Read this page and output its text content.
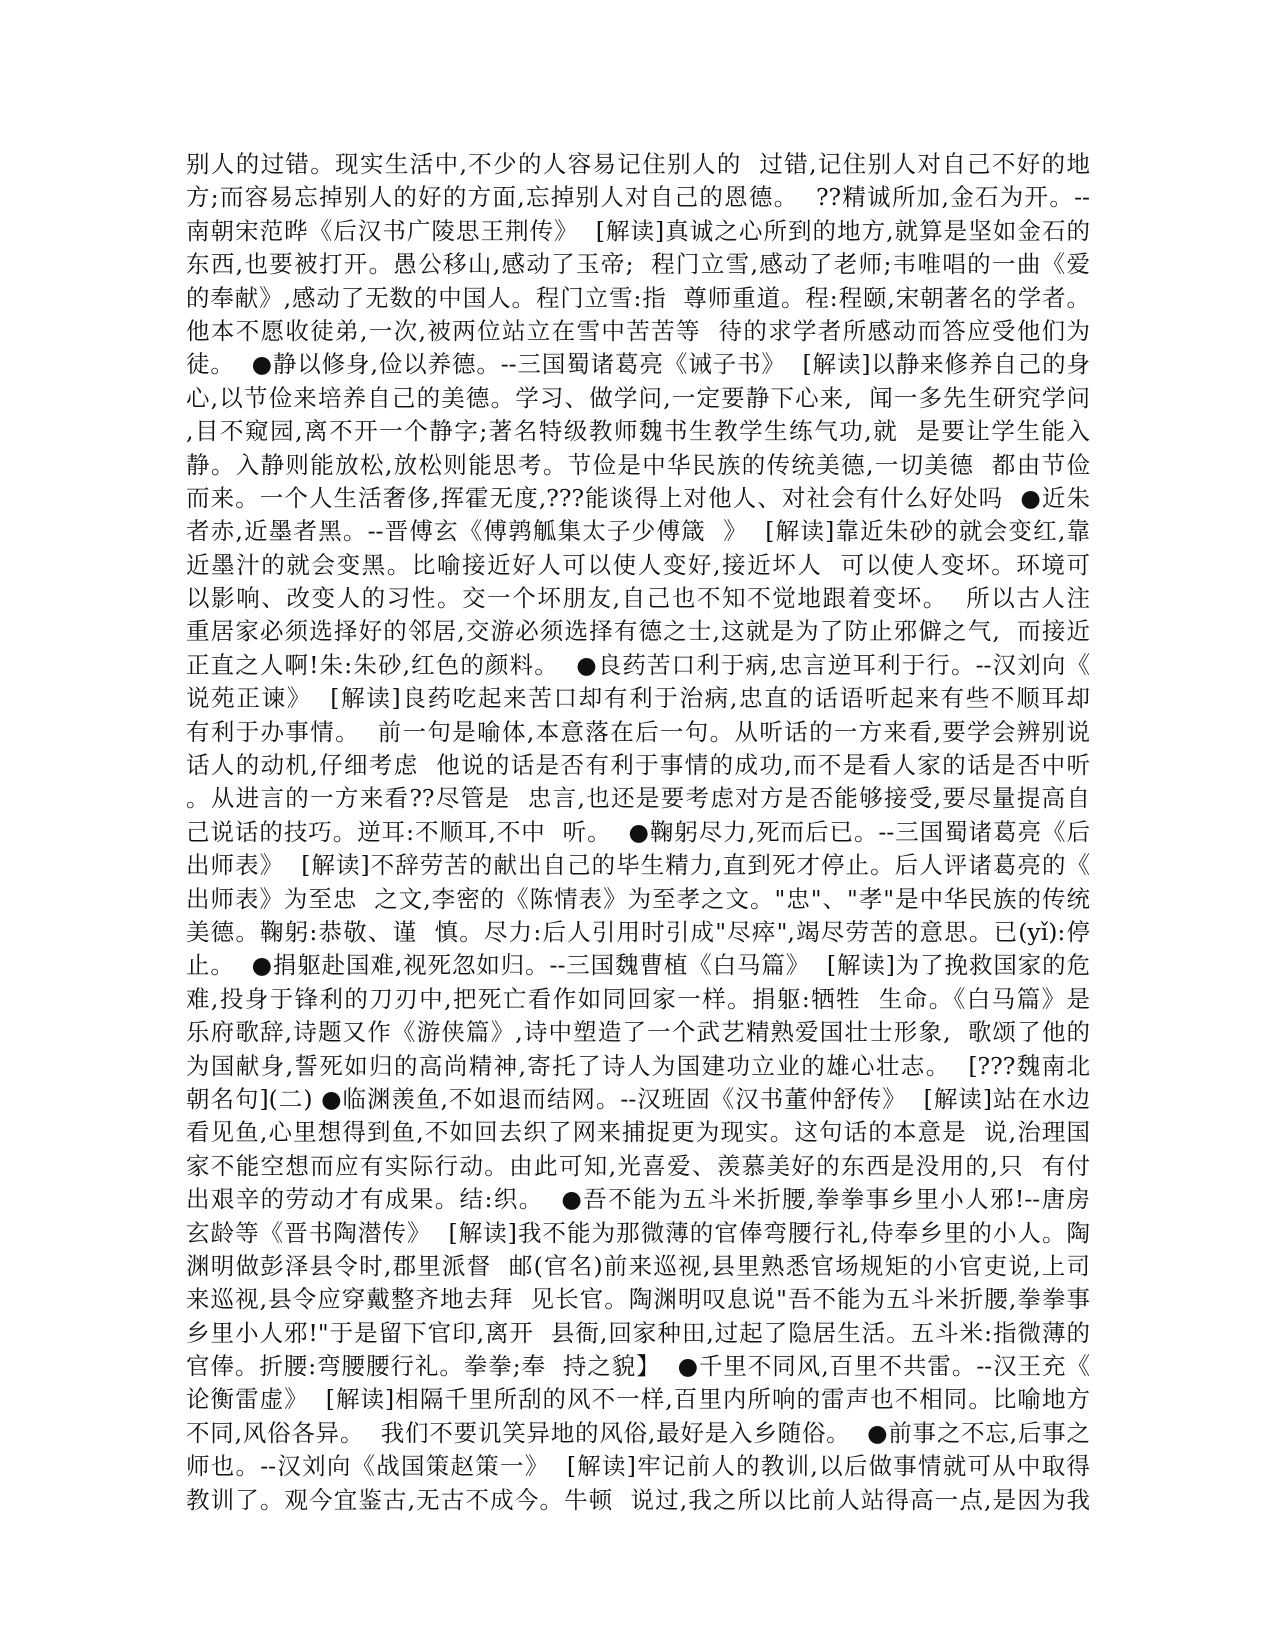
别人的过错。现实生活中,不少的人容易记住别人的  过错,记住别人对自己不好的地
方;而容易忘掉别人的好的方面,忘掉别人对自己的恩德。  ??精诚所加,金石为开。--
南朝宋范晔《后汉书广陵思王荆传》  [解读]真诚之心所到的地方,就算是坚如金石的
东西,也要被打开。愚公移山,感动了玉帝;  程门立雪,感动了老师;韦唯唱的一曲《爱
的奉献》,感动了无数的中国人。程门立雪:指  尊师重道。程:程颐,宋朝著名的学者。
他本不愿收徒弟,一次,被两位站立在雪中苦苦等  待的求学者所感动而答应受他们为
徒。  ●静以修身,俭以养德。--三国蜀诸葛亮《诫子书》  [解读]以静来修养自己的身
心,以节俭来培养自己的美德。学习、做学问,一定要静下心来,  闻一多先生研究学问
,目不窥园,离不开一个静字;著名特级教师魏书生教学生练气功,就  是要让学生能入
静。入静则能放松,放松则能思考。节俭是中华民族的传统美德,一切美德  都由节俭
而来。一个人生活奢侈,挥霍无度,???能谈得上对他人、对社会有什么好处吗  ●近朱
者赤,近墨者黑。--晋傅玄《傅鹑觚集太子少傅箴  》  [解读]靠近朱砂的就会变红,靠
近墨汁的就会变黑。比喻接近好人可以使人变好,接近坏人  可以使人变坏。环境可
以影响、改变人的习性。交一个坏朋友,自己也不知不觉地跟着变坏。  所以古人注
重居家必须选择好的邻居,交游必须选择有德之士,这就是为了防止邪僻之气,  而接近
正直之人啊!朱:朱砂,红色的颜料。  ●良药苦口利于病,忠言逆耳利于行。--汉刘向《
说苑正谏》  [解读]良药吃起来苦口却有利于治病,忠直的话语听起来有些不顺耳却
有利于办事情。  前一句是喻体,本意落在后一句。从听话的一方来看,要学会辨别说
话人的动机,仔细考虑  他说的话是否有利于事情的成功,而不是看人家的话是否中听
。从进言的一方来看??尽管是  忠言,也还是要考虑对方是否能够接受,要尽量提高自
己说话的技巧。逆耳:不顺耳,不中  听。  ●鞠躬尽力,死而后已。--三国蜀诸葛亮《后
出师表》  [解读]不辞劳苦的献出自己的毕生精力,直到死才停止。后人评诸葛亮的《
出师表》为至忠  之文,李密的《陈情表》为至孝之文。"忠"、"孝"是中华民族的传统
美德。鞠躬:恭敬、谨  慎。尽力:后人引用时引成"尽瘁",竭尽劳苦的意思。已(yǐ):停
止。  ●捐躯赴国难,视死忽如归。--三国魏曹植《白马篇》  [解读]为了挽救国家的危
难,投身于锋利的刀刃中,把死亡看作如同回家一样。捐躯:牺牲  生命。《白马篇》是
乐府歌辞,诗题又作《游侠篇》,诗中塑造了一个武艺精熟爱国壮士形象,  歌颂了他的
为国献身,誓死如归的高尚精神,寄托了诗人为国建功立业的雄心壮志。  [???魏南北
朝名句](二) ●临渊羡鱼,不如退而结网。--汉班固《汉书董仲舒传》  [解读]站在水边
看见鱼,心里想得到鱼,不如回去织了网来捕捉更为现实。这句话的本意是  说,治理国
家不能空想而应有实际行动。由此可知,光喜爱、羡慕美好的东西是没用的,只  有付
出艰辛的劳动才有成果。结:织。  ●吾不能为五斗米折腰,拳拳事乡里小人邪!--唐房
玄龄等《晋书陶潜传》  [解读]我不能为那微薄的官俸弯腰行礼,侍奉乡里的小人。陶
渊明做彭泽县令时,郡里派督  邮(官名)前来巡视,县里熟悉官场规矩的小官吏说,上司
来巡视,县令应穿戴整齐地去拜  见长官。陶渊明叹息说"吾不能为五斗米折腰,拳拳事
乡里小人邪!"于是留下官印,离开  县衙,回家种田,过起了隐居生活。五斗米:指微薄的
官俸。折腰:弯腰腰行礼。拳拳;奉  持之貌】  ●千里不同风,百里不共雷。--汉王充《
论衡雷虚》  [解读]相隔千里所刮的风不一样,百里内所响的雷声也不相同。比喻地方
不同,风俗各异。  我们不要讥笑异地的风俗,最好是入乡随俗。  ●前事之不忘,后事之
师也。--汉刘向《战国策赵策一》  [解读]牢记前人的教训,以后做事情就可从中取得
教训了。观今宜鉴古,无古不成今。牛顿  说过,我之所以比前人站得高一点,是因为我
